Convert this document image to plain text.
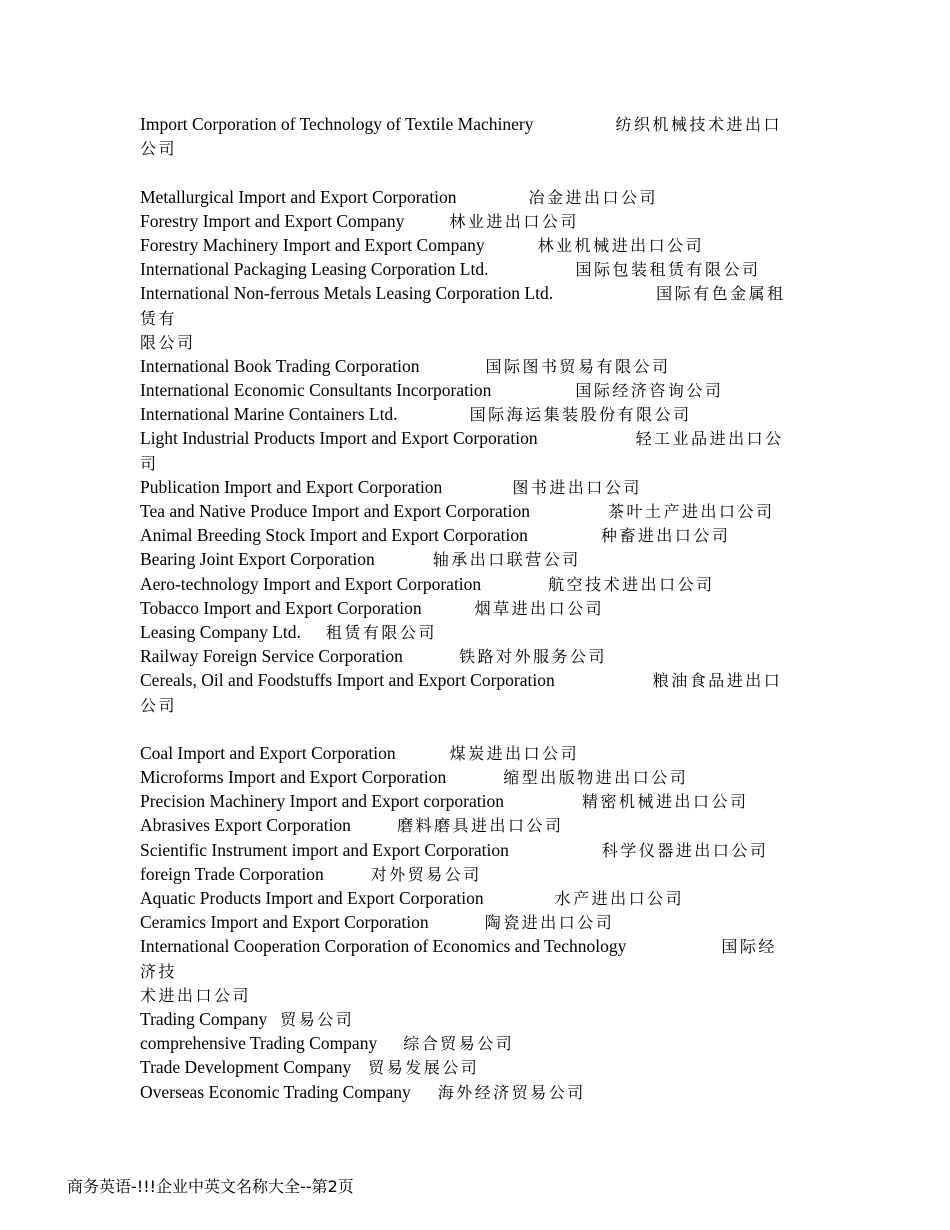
Import Corporation of Technology of Textile Machinery	纺织机械技术进出口
公司
Metallurgical Import and Export Corporation	冶金进出口公司
Forestry Import and Export Company	林业进出口公司
Forestry Machinery Import and Export Company	林业机械进出口公司
International Packaging Leasing Corporation Ltd.	国际包装租赁有限公司
International Non-ferrous Metals Leasing Corporation Ltd.	国际有色金属租
赁有
限公司
International Book Trading Corporation	国际图书贸易有限公司
International Economic Consultants Incorporation	国际经济咨询公司
International Marine Containers Ltd.	国际海运集装股份有限公司
Light Industrial Products Import and Export Corporation	轻工业品进出口公
司
Publication Import and Export Corporation	图书进出口公司
Tea and Native Produce Import and Export Corporation	茶叶土产进出口公司
Animal Breeding Stock Import and Export Corporation	种畜进出口公司
Bearing Joint Export Corporation	轴承出口联营公司
Aero-technology Import and Export Corporation	航空技术进出口公司
Tobacco Import and Export Corporation	烟草进出口公司
Leasing Company Ltd. 租赁有限公司
Railway Foreign Service Corporation	铁路对外服务公司
Cereals, Oil and Foodstuffs Import and Export Corporation	粮油食品进出口
公司
Coal Import and Export Corporation	煤炭进出口公司
Microforms Import and Export Corporation	缩型出版物进出口公司
Precision Machinery Import and Export corporation	精密机械进出口公司
Abrasives Export Corporation	磨料磨具进出口公司
Scientific Instrument import and Export Corporation	科学仪器进出口公司
foreign Trade Corporation	对外贸易公司
Aquatic Products Import and Export Corporation	水产进出口公司
Ceramics Import and Export Corporation	陶瓷进出口公司
International Cooperation Corporation of Economics and Technology	国际经
济技
术进出口公司
Trading Company 贸易公司
comprehensive Trading Company 综合贸易公司
Trade Development Company 贸易发展公司
Overseas Economic Trading Company 海外经济贸易公司
商务英语-!!!企业中英文名称大全--第2页
